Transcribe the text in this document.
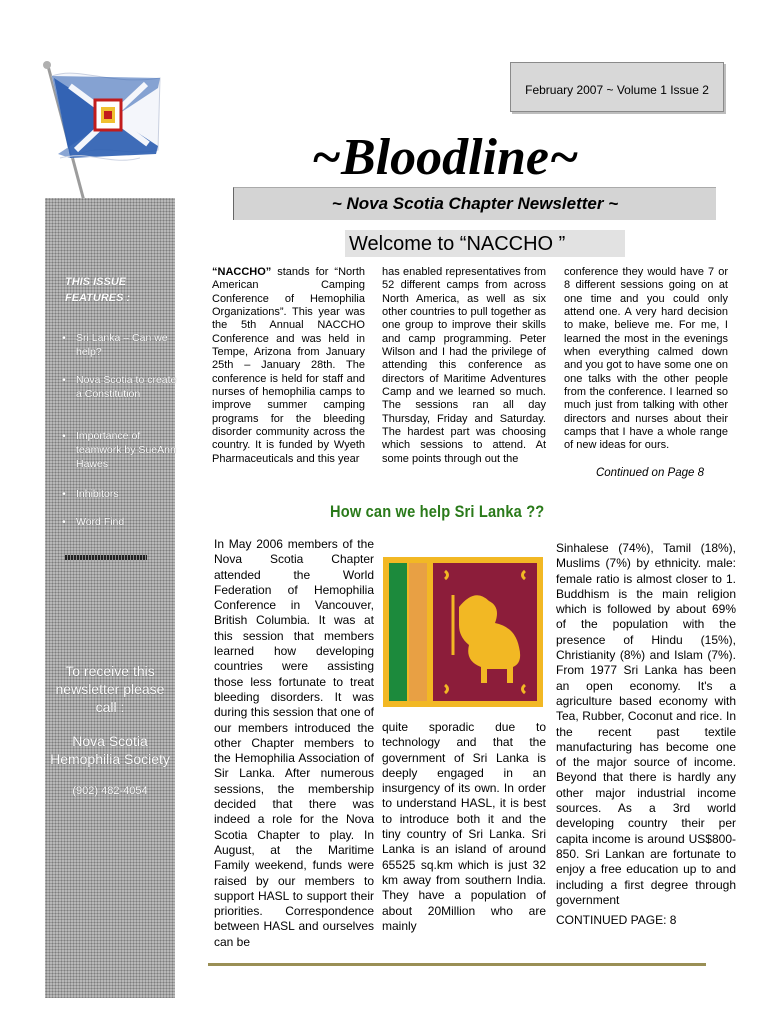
February 2007 ~ Volume 1 Issue 2
~Bloodline~
~ Nova Scotia Chapter Newsletter ~
THIS ISSUE FEATURES :
• Sri Lanka – Can we help?
• Nova Scotia to create a Constitution
• Importance of teamwork by SueAnn Hawes
• Inhibitors
• Word Find
To receive this newsletter please call :
Nova Scotia Hemophilia Society
(902) 482-4054
Welcome to “NACCHO ”
“NACCHO” stands for “North American Camping Conference of Hemophilia Organizations”. This year was the 5th Annual NACCHO Conference and was held in Tempe, Arizona from January 25th – January 28th. The conference is held for staff and nurses of hemophilia camps to improve summer camping programs for the bleeding disorder community across the country. It is funded by Wyeth Pharmaceuticals and this year
has enabled representatives from 52 different camps from across North America, as well as six other countries to pull together as one group to improve their skills and camp programming. Peter Wilson and I had the privilege of attending this conference as directors of Maritime Adventures Camp and we learned so much. The sessions ran all day Thursday, Friday and Saturday. The hardest part was choosing which sessions to attend. At some points through out the
conference they would have 7 or 8 different sessions going on at one time and you could only attend one. A very hard decision to make, believe me. For me, I learned the most in the evenings when everything calmed down and you got to have some one on one talks with the other people from the conference. I learned so much just from talking with other directors and nurses about their camps that I have a whole range of new ideas for ours.
Continued on Page 8
How can we help Sri Lanka ??
In May 2006 members of the Nova Scotia Chapter attended the World Federation of Hemophilia Conference in Vancouver, British Columbia. It was at this session that members learned how developing countries were assisting those less fortunate to treat bleeding disorders. It was during this session that one of our members introduced the other Chapter members to the Hemophilia Association of Sir Lanka. After numerous sessions, the membership decided that there was indeed a role for the Nova Scotia Chapter to play. In August, at the Maritime Family weekend, funds were raised by our members to support HASL to support their priorities. Correspondence between HASL and ourselves can be
quite sporadic due to technology and that the government of Sri Lanka is deeply engaged in an insurgency of its own. In order to understand HASL, it is best to introduce both it and the tiny country of Sri Lanka. Sri Lanka is an island of around 65525 sq.km which is just 32 km away from southern India. They have a population of about 20Million who are mainly
Sinhalese (74%), Tamil (18%), Muslims (7%) by ethnicity. male: female ratio is almost closer to 1. Buddhism is the main religion which is followed by about 69% of the population with the presence of Hindu (15%), Christianity (8%) and Islam (7%). From 1977 Sri Lanka has been an open economy. It's a agriculture based economy with Tea, Rubber, Coconut and rice. In the recent past textile manufacturing has become one of the major source of income. Beyond that there is hardly any other major industrial income sources. As a 3rd world developing country their per capita income is around US$800-850. Sri Lankan are fortunate to enjoy a free education up to and including a first degree through government
CONTINUED PAGE: 8
